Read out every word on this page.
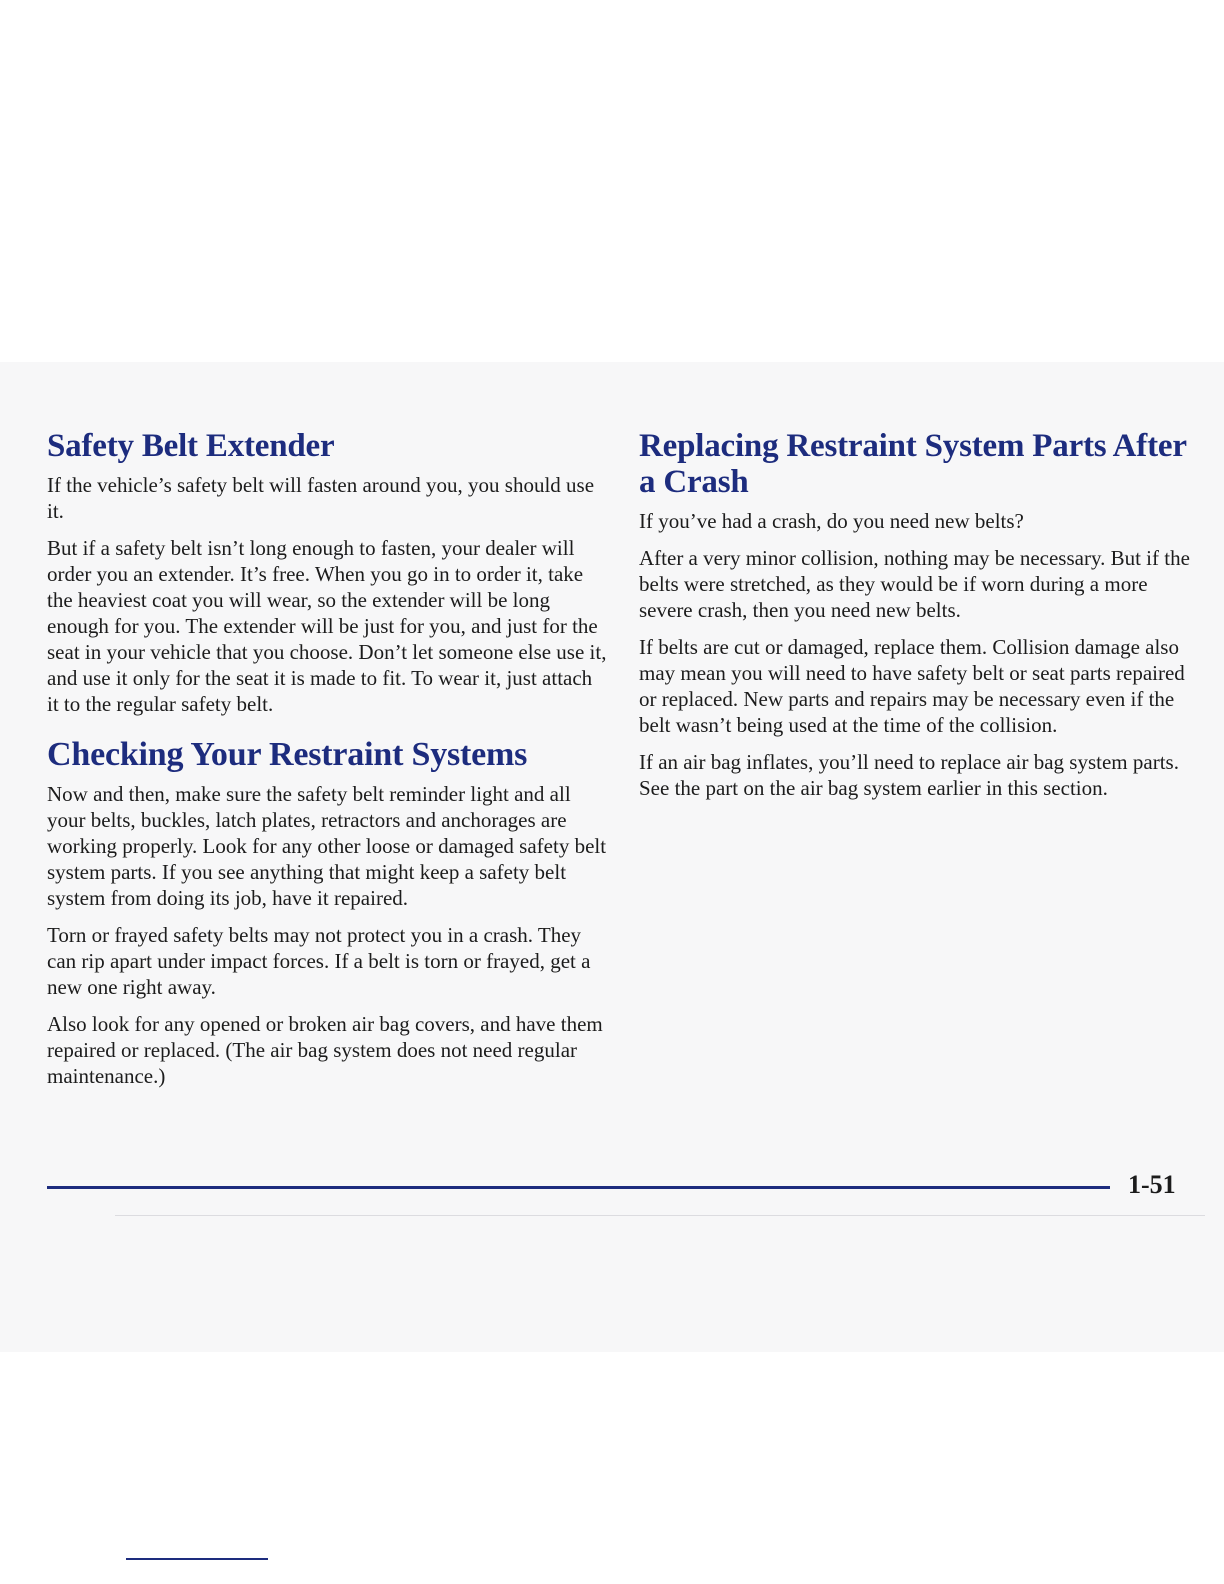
Safety Belt Extender

If the vehicle’s safety belt will fasten around you, you should use it.

But if a safety belt isn’t long enough to fasten, your dealer will order you an extender. It’s free. When you go in to order it, take the heaviest coat you will wear, so the extender will be long enough for you. The extender will be just for you, and just for the seat in your vehicle that you choose. Don’t let someone else use it, and use it only for the seat it is made to fit. To wear it, just attach it to the regular safety belt.

Checking Your Restraint Systems

Now and then, make sure the safety belt reminder light and all your belts, buckles, latch plates, retractors and anchorages are working properly. Look for any other loose or damaged safety belt system parts. If you see anything that might keep a safety belt system from doing its job, have it repaired.

Torn or frayed safety belts may not protect you in a crash. They can rip apart under impact forces. If a belt is torn or frayed, get a new one right away.

Also look for any opened or broken air bag covers, and have them repaired or replaced. (The air bag system does not need regular maintenance.)

Replacing Restraint System Parts After a Crash

If you’ve had a crash, do you need new belts?

After a very minor collision, nothing may be necessary. But if the belts were stretched, as they would be if worn during a more severe crash, then you need new belts.

If belts are cut or damaged, replace them. Collision damage also may mean you will need to have safety belt or seat parts repaired or replaced. New parts and repairs may be necessary even if the belt wasn’t being used at the time of the collision.

If an air bag inflates, you’ll need to replace air bag system parts. See the part on the air bag system earlier in this section.

1-51
